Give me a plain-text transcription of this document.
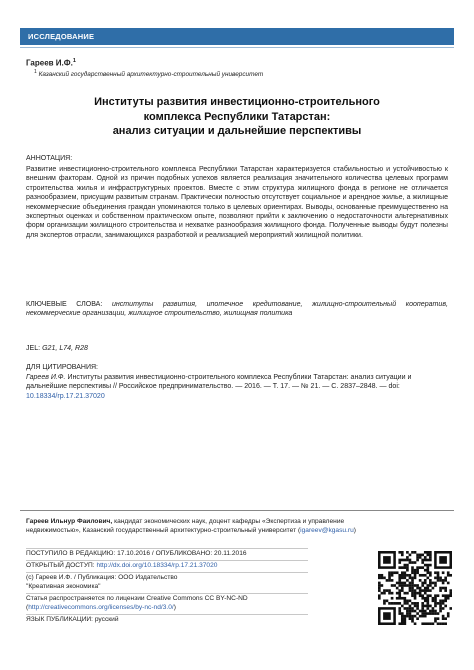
ИССЛЕДОВАНИЕ
Гареев И.Ф.$^1$
$^1$ Казанский государственный архитектурно-строительный университет
Институты развития инвестиционно-строительного
комплекса Республики Татарстан:
анализ ситуации и дальнейшие перспективы
АННОТАЦИЯ:
Развитие инвестиционно-строительного комплекса Республики Татарстан характеризуется стабильностью и устойчивостью к внешним факторам. Одной из причин подобных успехов является реализация значительного количества целевых программ строительства жилья и инфраструктурных проектов. Вместе с этим структура жилищного фонда в регионе не отличается разнообразием, присущим развитым странам. Практически полностью отсутствует социальное и арендное жилье, а жилищные некоммерческие объединения граждан упоминаются только в целевых ориентирах. Выводы, основанные преимущественно на экспертных оценках и собственном практическом опыте, позволяют прийти к заключению о недостаточности альтернативных форм организации жилищного строительства и нехватке разнообразия жилищного фонда. Полученные выводы будут полезны для экспертов отрасли, занимающихся разработкой и реализацией мероприятий жилищной политики.
КЛЮЧЕВЫЕ СЛОВА: институты развития, ипотечное кредитование, жилищно-строительный кооператив, некоммерческие организации, жилищное строительство, жилищная политика
JEL: G21, L74, R28
ДЛЯ ЦИТИРОВАНИЯ:
Гареев И.Ф. Институты развития инвестиционно-строительного комплекса Республики Татарстан: анализ ситуации и дальнейшие перспективы // Российское предпринимательство. — 2016. — Т. 17. — № 21. — С. 2837–2848. — doi: 10.18334/rp.17.21.37020
Гареев Ильнур Фаилович, кандидат экономических наук, доцент кафедры «Экспертиза и управление недвижимостью», Казанский государственный архитектурно-строительный университет (igareev@kgasu.ru)
ПОСТУПИЛО В РЕДАКЦИЮ: 17.10.2016 / ОПУБЛИКОВАНО: 20.11.2016
ОТКРЫТЫЙ ДОСТУП: http://dx.doi.org/10.18334/rp.17.21.37020
(c) Гареев И.Ф. / Публикация: ООО Издательство
"Креативная экономика"
Статья распространяется по лицензии Creative Commons CC BY-NC-ND
(http://creativecommons.org/licenses/by-nc-nd/3.0/)
ЯЗЫК ПУБЛИКАЦИИ: русский
